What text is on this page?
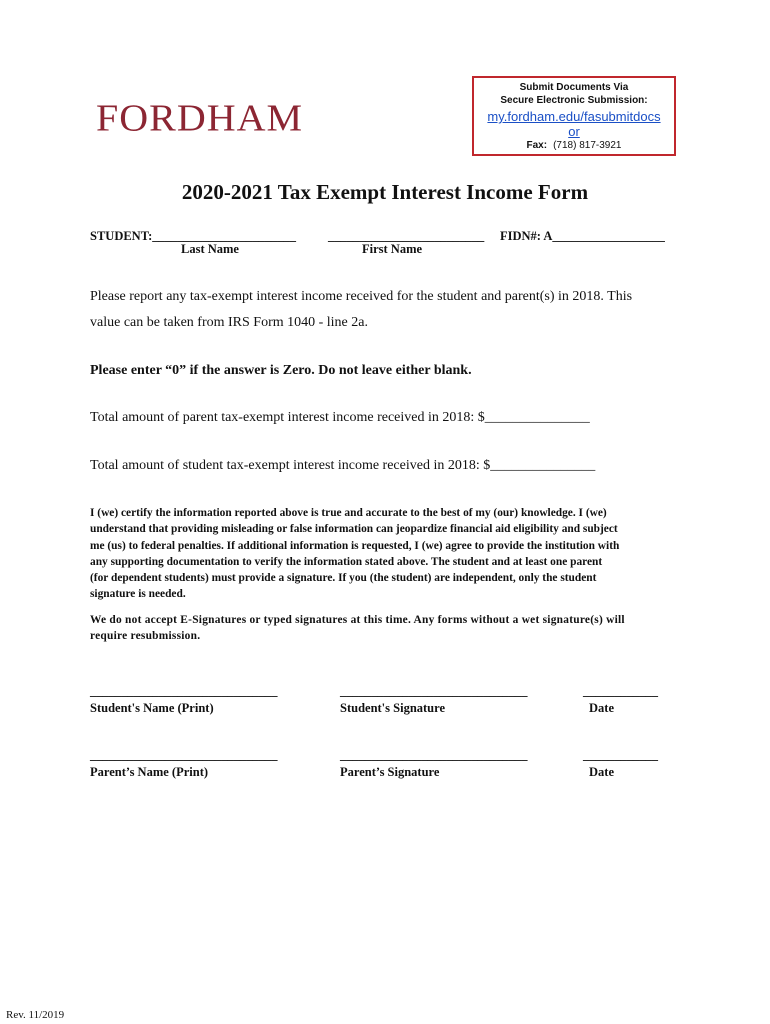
FORDHAM
Submit Documents Via
Secure Electronic Submission:
my.fordham.edu/fasubmitdocs
or
Fax: (718) 817-3921
2020-2021 Tax Exempt Interest Income Form
STUDENT:_______________________	_________________________ FIDN#: A__________________
Last Name	First Name
Please report any tax-exempt interest income received for the student and parent(s) in 2018. This
value can be taken from IRS Form 1040 - line 2a.
Please enter “0” if the answer is Zero. Do not leave either blank.
Total amount of parent tax-exempt interest income received in 2018: $_______________
Total amount of student tax-exempt interest income received in 2018: $_______________
I (we) certify the information reported above is true and accurate to the best of my (our) knowledge. I (we)
understand that providing misleading or false information can jeopardize financial aid eligibility and subject
me (us) to federal penalties. If additional information is requested, I (we) agree to provide the institution with
any supporting documentation to verify the information stated above. The student and at least one parent
(for dependent students) must provide a signature. If you (the student) are independent, only the student
signature is needed.
We do not accept E-Signatures or typed signatures at this time. Any forms without a wet signature(s) will
require resubmission.
______________________________	______________________________	____________
Student's Name (Print)	Student's Signature	Date
______________________________	______________________________	____________
Parent’s Name (Print)	Parent’s Signature	Date
Rev. 11/2019
